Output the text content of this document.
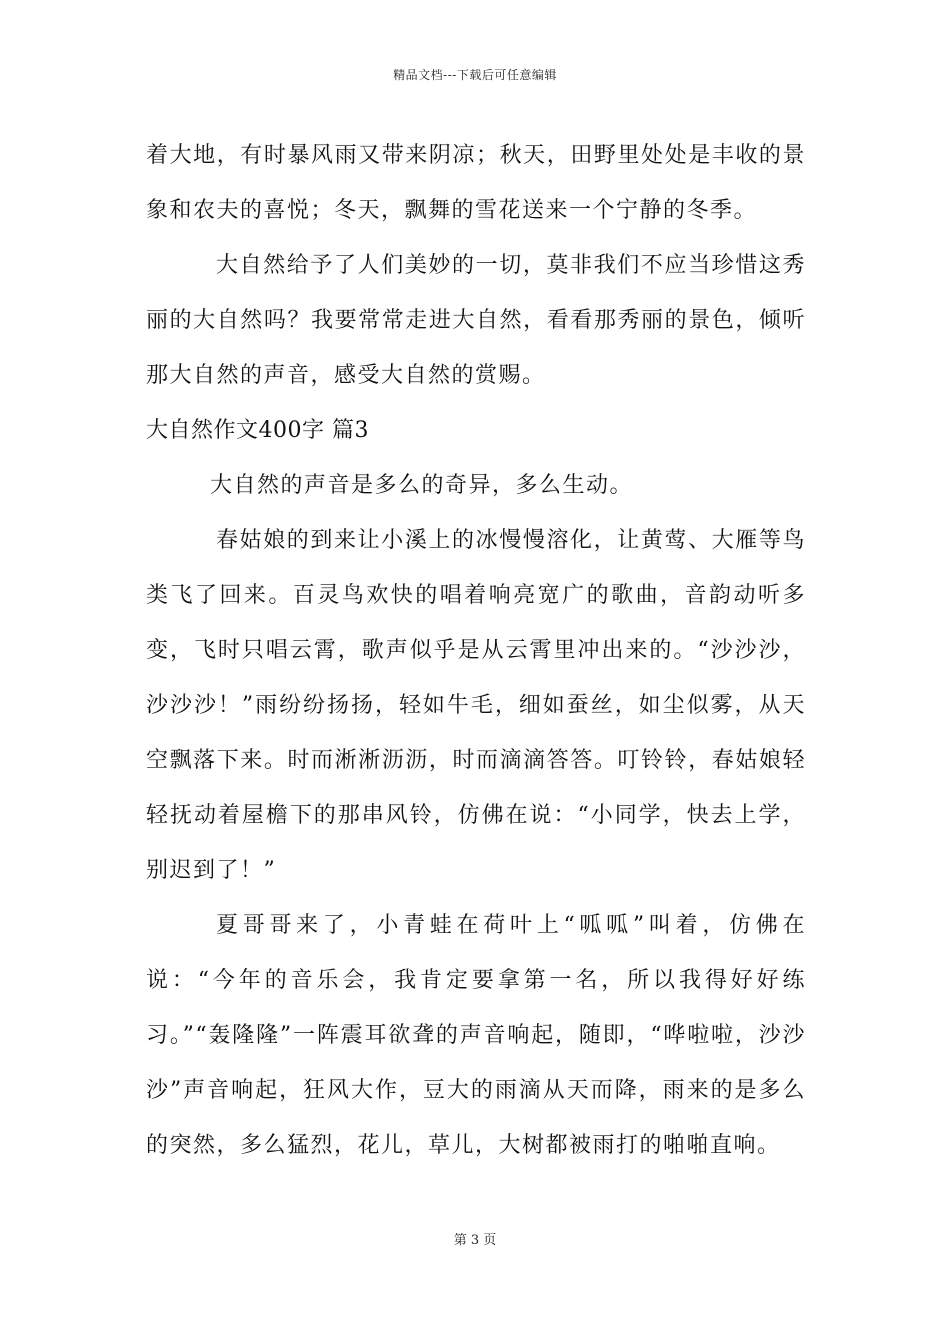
精品文档---下载后可任意编辑

着大地，有时暴风雨又带来阴凉；秋天，田野里处处是丰收的景象和农夫的喜悦；冬天，飘舞的雪花送来一个宁静的冬季。

大自然给予了人们美妙的一切，莫非我们不应当珍惜这秀丽的大自然吗？我要常常走进大自然，看看那秀丽的景色，倾听那大自然的声音，感受大自然的赏赐。

大自然作文400字 篇3

大自然的声音是多么的奇异，多么生动。

春姑娘的到来让小溪上的冰慢慢溶化，让黄莺、大雁等鸟类飞了回来。百灵鸟欢快的唱着响亮宽广的歌曲，音韵动听多变，飞时只唱云霄，歌声似乎是从云霄里冲出来的。“沙沙沙，沙沙沙！”雨纷纷扬扬，轻如牛毛，细如蚕丝，如尘似雾，从天空飘落下来。时而淅淅沥沥，时而滴滴答答。叮铃铃，春姑娘轻轻抚动着屋檐下的那串风铃，仿佛在说：“小同学，快去上学，别迟到了！”

夏哥哥来了，小青蛙在荷叶上“呱呱”叫着，仿佛在说：“今年的音乐会，我肯定要拿第一名，所以我得好好练习。”“轰隆隆”一阵震耳欲聋的声音响起，随即，“哗啦啦，沙沙沙”声音响起，狂风大作，豆大的雨滴从天而降，雨来的是多么的突然，多么猛烈，花儿，草儿，大树都被雨打的啪啪直响。

第 3 页
